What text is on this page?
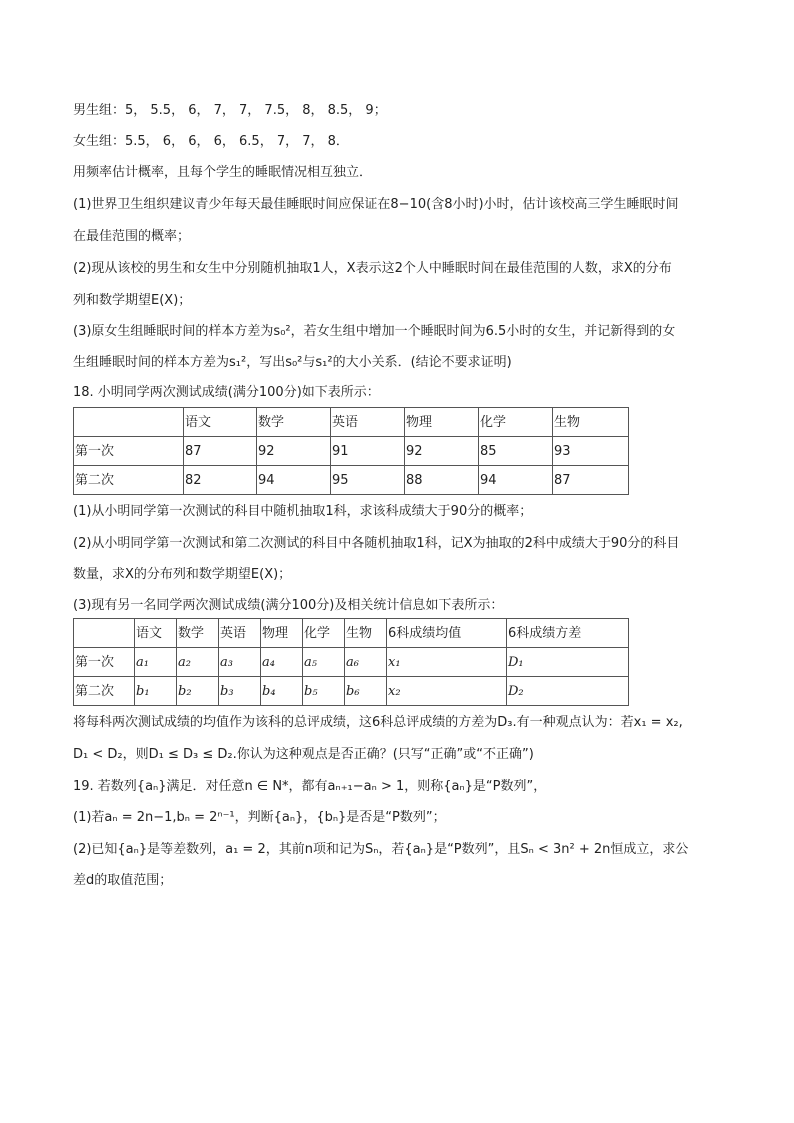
男生组：5， 5.5， 6， 7， 7， 7.5， 8， 8.5， 9；
女生组：5.5， 6， 6， 6， 6.5， 7， 7， 8．
用频率估计概率，且每个学生的睡眠情况相互独立．
(1)世界卫生组织建议青少年每天最佳睡眠时间应保证在8−10(含8小时)小时，估计该校高三学生睡眠时间
在最佳范围的概率；
(2)现从该校的男生和女生中分别随机抽取1人，X表示这2个人中睡眠时间在最佳范围的人数，求X的分布
列和数学期望E(X)；
(3)原女生组睡眠时间的样本方差为s₀²，若女生组中增加一个睡眠时间为6.5小时的女生，并记新得到的女
生组睡眠时间的样本方差为s₁²，写出s₀²与s₁²的大小关系．(结论不要求证明)
18. 小明同学两次测试成绩(满分100分)如下表所示：
	语文	数学	英语	物理	化学	生物
第一次	87	92	91	92	85	93
第二次	82	94	95	88	94	87
(1)从小明同学第一次测试的科目中随机抽取1科，求该科成绩大于90分的概率；
(2)从小明同学第一次测试和第二次测试的科目中各随机抽取1科，记X为抽取的2科中成绩大于90分的科目
数量，求X的分布列和数学期望E(X)；
(3)现有另一名同学两次测试成绩(满分100分)及相关统计信息如下表所示：
	语文	数学	英语	物理	化学	生物	6科成绩均值	6科成绩方差
第一次	a₁	a₂	a₃	a₄	a₅	a₆	x₁	D₁
第二次	b₁	b₂	b₃	b₄	b₅	b₆	x₂	D₂
将每科两次测试成绩的均值作为该科的总评成绩，这6科总评成绩的方差为D₃.有一种观点认为：若x₁ = x₂,
D₁ < D₂，则D₁ ≤ D₃ ≤ D₂.你认为这种观点是否正确？(只写“正确”或“不正确”)
19. 若数列{aₙ}满足．对任意n ∈ N*，都有aₙ₊₁−aₙ > 1，则称{aₙ}是“P数列”，
(1)若aₙ = 2n−1,bₙ = 2ⁿ⁻¹，判断{aₙ}，{bₙ}是否是“P数列”；
(2)已知{aₙ}是等差数列，a₁ = 2，其前n项和记为Sₙ，若{aₙ}是“P数列”，且Sₙ < 3n² + 2n恒成立，求公
差d的取值范围；
